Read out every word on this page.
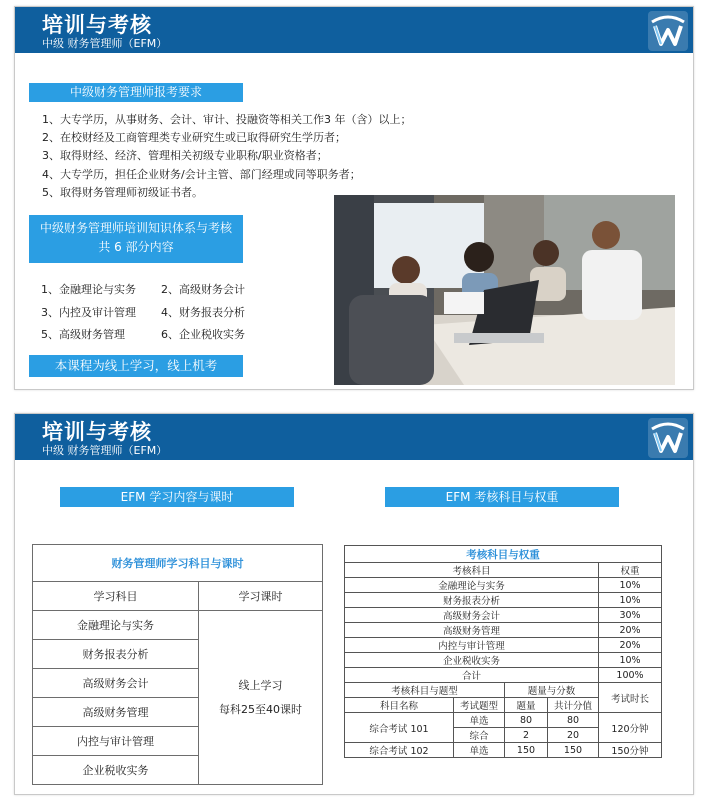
培训与考核
中级 财务管理师（EFM）
中级财务管理师报考要求
1、大专学历，从事财务、会计、审计、投融资等相关工作3 年（含）以上；
2、在校财经及工商管理类专业研究生或已取得研究生学历者；
3、取得财经、经济、管理相关初级专业职称/职业资格者；
4、大专学历，担任企业财务/会计主管、部门经理或同等职务者；
5、取得财务管理师初级证书者。
中级财务管理师培训知识体系与考核
共 6 部分内容
1、金融理论与实务	2、高级财务会计
3、内控及审计管理	4、财务报表分析
5、高级财务管理	6、企业税收实务
本课程为线上学习，线上机考
培训与考核
中级 财务管理师（EFM）
EFM 学习内容与课时	EFM 考核科目与权重
财务管理师学习科目与课时	
学习科目	学习课时
金融理论与实务	线上学习
每科25至40课时

财务报表分析	
高级财务会计	
高级财务管理	
内控与审计管理	
企业税收实务	
考核科目与权重				
考核科目				权重
金融理论与实务				10%
财务报表分析				10%
高级财务会计				30%
高级财务管理				20%
内控与审计管理				20%
企业税收实务				10%
合计				100%
考核科目与题型		题量与分数		考试时长
科目名称	考试题型	题量	共计分值	
综合考试 101	单选	80	80	120分钟
	综合	2	20	
综合考试 102	单选	150	150	150分钟
